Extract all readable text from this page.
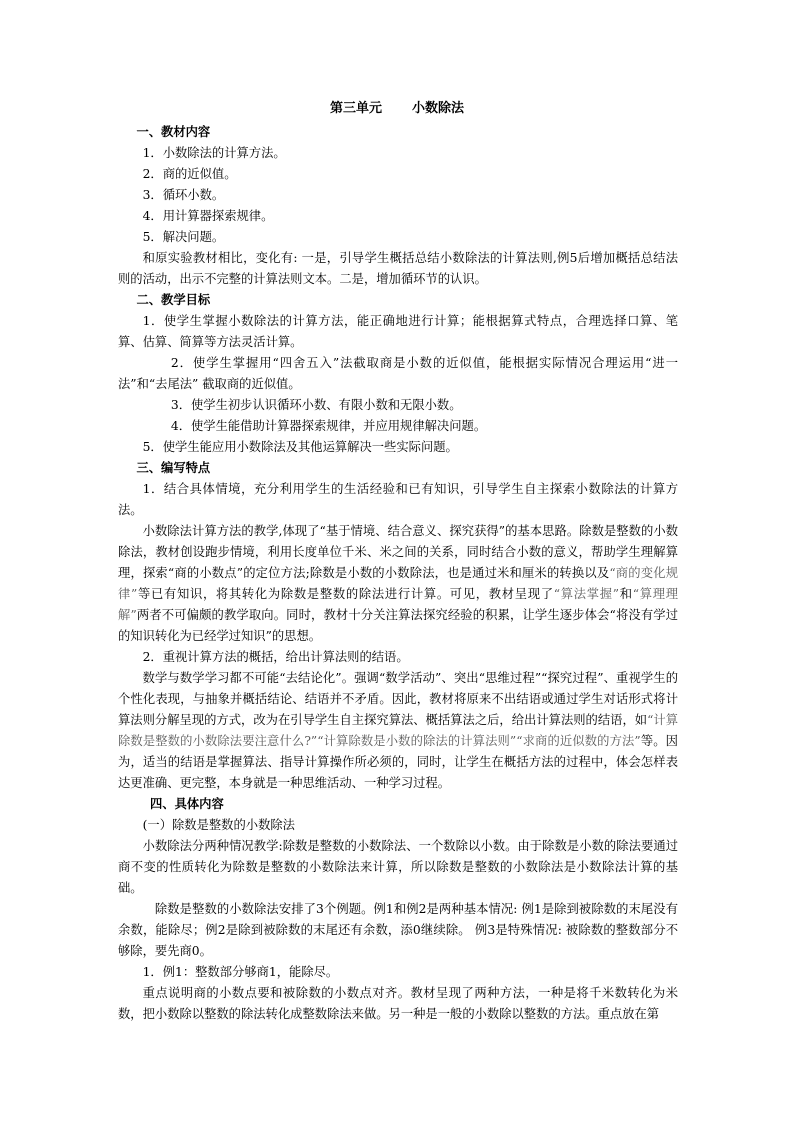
第三单元 小数除法

一、教材内容

1．小数除法的计算方法。

2．商的近似值。

3．循环小数。

4．用计算器探索规律。

5．解决问题。

和原实验教材相比，变化有: 一是，引导学生概括总结小数除法的计算法则,例5后增加概括总结法则的活动，出示不完整的计算法则文本。二是，增加循环节的认识。

二、教学目标

1．使学生掌握小数除法的计算方法，能正确地进行计算；能根据算式特点，合理选择口算、笔算、估算、简算等方法灵活计算。

2．使学生掌握用“四舍五入”法截取商是小数的近似值，能根据实际情况合理运用“进一法”和“去尾法” 截取商的近似值。

3．使学生初步认识循环小数、有限小数和无限小数。

4．使学生能借助计算器探索规律，并应用规律解决问题。

5．使学生能应用小数除法及其他运算解决一些实际问题。

三、编写特点

1．结合具体情境，充分利用学生的生活经验和已有知识，引导学生自主探索小数除法的计算方法。

小数除法计算方法的教学,体现了“基于情境、结合意义、探究获得”的基本思路。除数是整数的小数除法，教材创设跑步情境，利用长度单位千米、米之间的关系，同时结合小数的意义，帮助学生理解算理，探索“商的小数点”的定位方法;除数是小数的小数除法，也是通过米和厘米的转换以及“商的变化规律”等已有知识，将其转化为除数是整数的除法进行计算。可见，教材呈现了“算法掌握”和“算理理解”两者不可偏颇的教学取向。同时，教材十分关注算法探究经验的积累，让学生逐步体会“将没有学过的知识转化为已经学过知识”的思想。

2．重视计算方法的概括，给出计算法则的结语。

数学与数学学习都不可能“去结论化”。强调“数学活动”、突出“思维过程”“探究过程”、重视学生的个性化表现，与抽象并概括结论、结语并不矛盾。因此，教材将原来不出结语或通过学生对话形式将计算法则分解呈现的方式，改为在引导学生自主探究算法、概括算法之后，给出计算法则的结语，如“计算除数是整数的小数除法要注意什么?”“计算除数是小数的除法的计算法则”“求商的近似数的方法”等。因为，适当的结语是掌握算法、指导计算操作所必须的，同时，让学生在概括方法的过程中，体会怎样表达更准确、更完整，本身就是一种思维活动、一种学习过程。

四、具体内容

(一）除数是整数的小数除法

小数除法分两种情况教学:除数是整数的小数除法、一个数除以小数。由于除数是小数的除法要通过商不变的性质转化为除数是整数的小数除法来计算，所以除数是整数的小数除法是小数除法计算的基础。

除数是整数的小数除法安排了3个例题。例1和例2是两种基本情况: 例1是除到被除数的末尾没有余数，能除尽；例2是除到被除数的末尾还有余数，添0继续除。 例3是特殊情况: 被除数的整数部分不够除，要先商0。

1．例1：整数部分够商1，能除尽。

重点说明商的小数点要和被除数的小数点对齐。教材呈现了两种方法，一种是将千米数转化为米数，把小数除以整数的除法转化成整数除法来做。另一种是一般的小数除以整数的方法。重点放在第
